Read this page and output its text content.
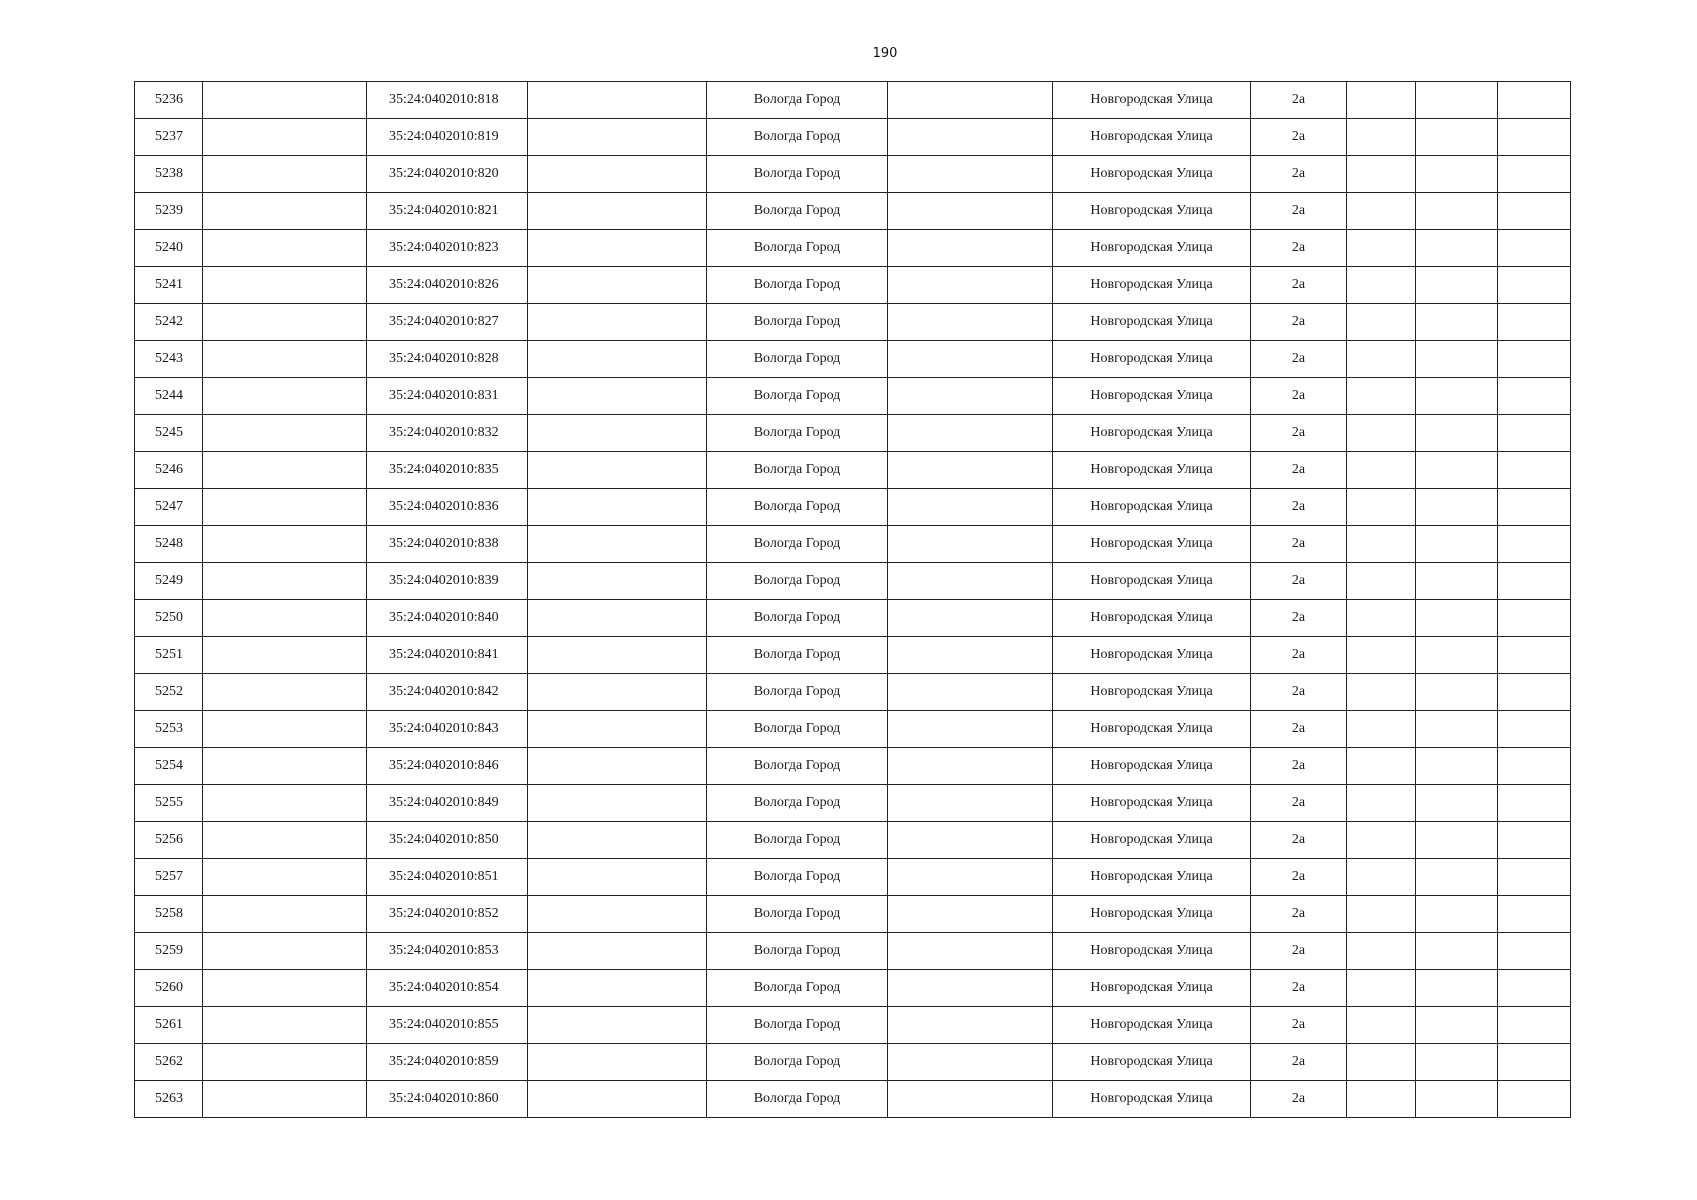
190
5236		35:24:0402010:818		Вологда Город		Новгородская Улица	2а			
5237		35:24:0402010:819		Вологда Город		Новгородская Улица	2а			
5238		35:24:0402010:820		Вологда Город		Новгородская Улица	2а			
5239		35:24:0402010:821		Вологда Город		Новгородская Улица	2а			
5240		35:24:0402010:823		Вологда Город		Новгородская Улица	2а			
5241		35:24:0402010:826		Вологда Город		Новгородская Улица	2а			
5242		35:24:0402010:827		Вологда Город		Новгородская Улица	2а			
5243		35:24:0402010:828		Вологда Город		Новгородская Улица	2а			
5244		35:24:0402010:831		Вологда Город		Новгородская Улица	2а			
5245		35:24:0402010:832		Вологда Город		Новгородская Улица	2а			
5246		35:24:0402010:835		Вологда Город		Новгородская Улица	2а			
5247		35:24:0402010:836		Вологда Город		Новгородская Улица	2а			
5248		35:24:0402010:838		Вологда Город		Новгородская Улица	2а			
5249		35:24:0402010:839		Вологда Город		Новгородская Улица	2а			
5250		35:24:0402010:840		Вологда Город		Новгородская Улица	2а			
5251		35:24:0402010:841		Вологда Город		Новгородская Улица	2а			
5252		35:24:0402010:842		Вологда Город		Новгородская Улица	2а			
5253		35:24:0402010:843		Вологда Город		Новгородская Улица	2а			
5254		35:24:0402010:846		Вологда Город		Новгородская Улица	2а			
5255		35:24:0402010:849		Вологда Город		Новгородская Улица	2а			
5256		35:24:0402010:850		Вологда Город		Новгородская Улица	2а			
5257		35:24:0402010:851		Вологда Город		Новгородская Улица	2а			
5258		35:24:0402010:852		Вологда Город		Новгородская Улица	2а			
5259		35:24:0402010:853		Вологда Город		Новгородская Улица	2а			
5260		35:24:0402010:854		Вологда Город		Новгородская Улица	2а			
5261		35:24:0402010:855		Вологда Город		Новгородская Улица	2а			
5262		35:24:0402010:859		Вологда Город		Новгородская Улица	2а			
5263		35:24:0402010:860		Вологда Город		Новгородская Улица	2а			
